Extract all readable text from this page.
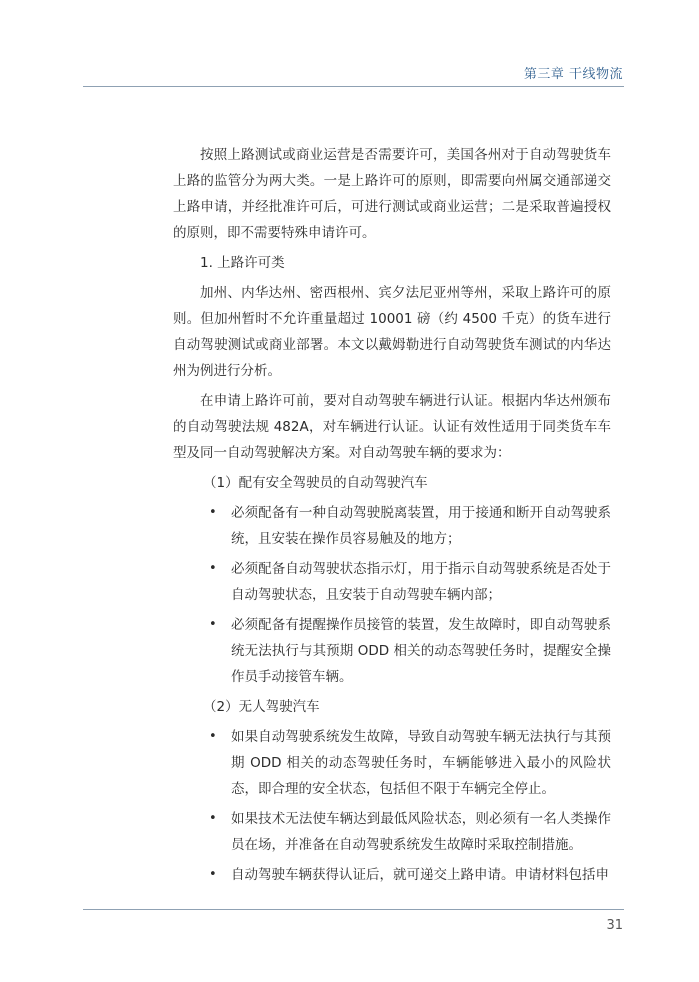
第三章 干线物流

按照上路测试或商业运营是否需要许可，美国各州对于自动驾驶货车上路的监管分为两大类。一是上路许可的原则，即需要向州属交通部递交上路申请，并经批准许可后，可进行测试或商业运营；二是采取普遍授权的原则，即不需要特殊申请许可。

1. 上路许可类

加州、内华达州、密西根州、宾夕法尼亚州等州，采取上路许可的原则。但加州暂时不允许重量超过 10001 磅（约 4500 千克）的货车进行自动驾驶测试或商业部署。本文以戴姆勒进行自动驾驶货车测试的内华达州为例进行分析。

在申请上路许可前，要对自动驾驶车辆进行认证。根据内华达州颁布的自动驾驶法规 482A，对车辆进行认证。认证有效性适用于同类货车车型及同一自动驾驶解决方案。对自动驾驶车辆的要求为：

（1）配有安全驾驶员的自动驾驶汽车

• 必须配备有一种自动驾驶脱离装置，用于接通和断开自动驾驶系统，且安装在操作员容易触及的地方；
• 必须配备自动驾驶状态指示灯，用于指示自动驾驶系统是否处于自动驾驶状态，且安装于自动驾驶车辆内部；
• 必须配备有提醒操作员接管的装置，发生故障时，即自动驾驶系统无法执行与其预期 ODD 相关的动态驾驶任务时，提醒安全操作员手动接管车辆。

（2）无人驾驶汽车

• 如果自动驾驶系统发生故障，导致自动驾驶车辆无法执行与其预期 ODD 相关的动态驾驶任务时，车辆能够进入最小的风险状态，即合理的安全状态，包括但不限于车辆完全停止。
• 如果技术无法使车辆达到最低风险状态，则必须有一名人类操作员在场，并准备在自动驾驶系统发生故障时采取控制措施。
• 自动驾驶车辆获得认证后，就可递交上路申请。申请材料包括申
31
